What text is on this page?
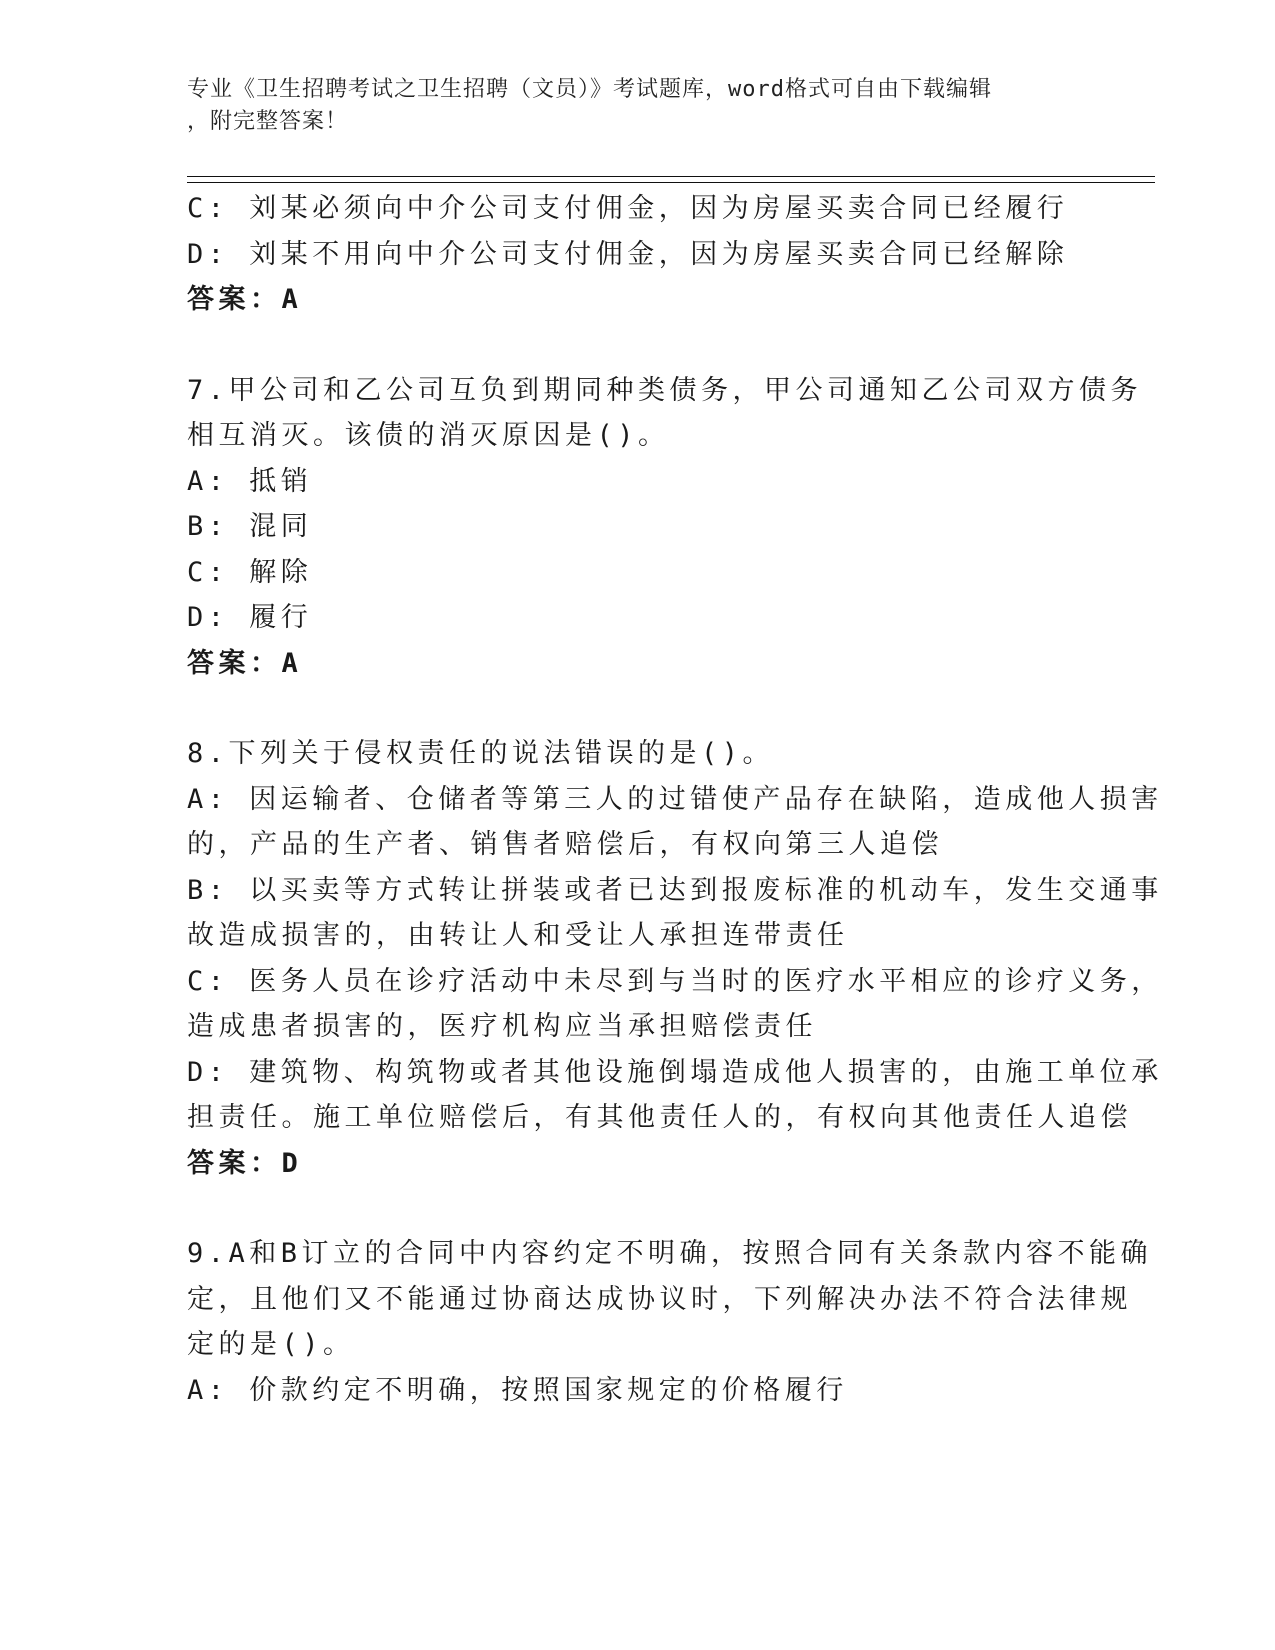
专业《卫生招聘考试之卫生招聘（文员）》考试题库，word格式可自由下载编辑
，附完整答案！
C: 刘某必须向中介公司支付佣金，因为房屋买卖合同已经履行
D: 刘某不用向中介公司支付佣金，因为房屋买卖合同已经解除
答案：A
7.甲公司和乙公司互负到期同种类债务，甲公司通知乙公司双方债务
相互消灭。该债的消灭原因是()。
A: 抵销
B: 混同
C: 解除
D: 履行
答案：A
8.下列关于侵权责任的说法错误的是()。
A: 因运输者、仓储者等第三人的过错使产品存在缺陷，造成他人损害
的，产品的生产者、销售者赔偿后，有权向第三人追偿
B: 以买卖等方式转让拼装或者已达到报废标准的机动车，发生交通事
故造成损害的，由转让人和受让人承担连带责任
C: 医务人员在诊疗活动中未尽到与当时的医疗水平相应的诊疗义务，
造成患者损害的，医疗机构应当承担赔偿责任
D: 建筑物、构筑物或者其他设施倒塌造成他人损害的，由施工单位承
担责任。施工单位赔偿后，有其他责任人的，有权向其他责任人追偿
答案：D
9.A和B订立的合同中内容约定不明确，按照合同有关条款内容不能确
定，且他们又不能通过协商达成协议时，下列解决办法不符合法律规
定的是()。
A: 价款约定不明确，按照国家规定的价格履行
